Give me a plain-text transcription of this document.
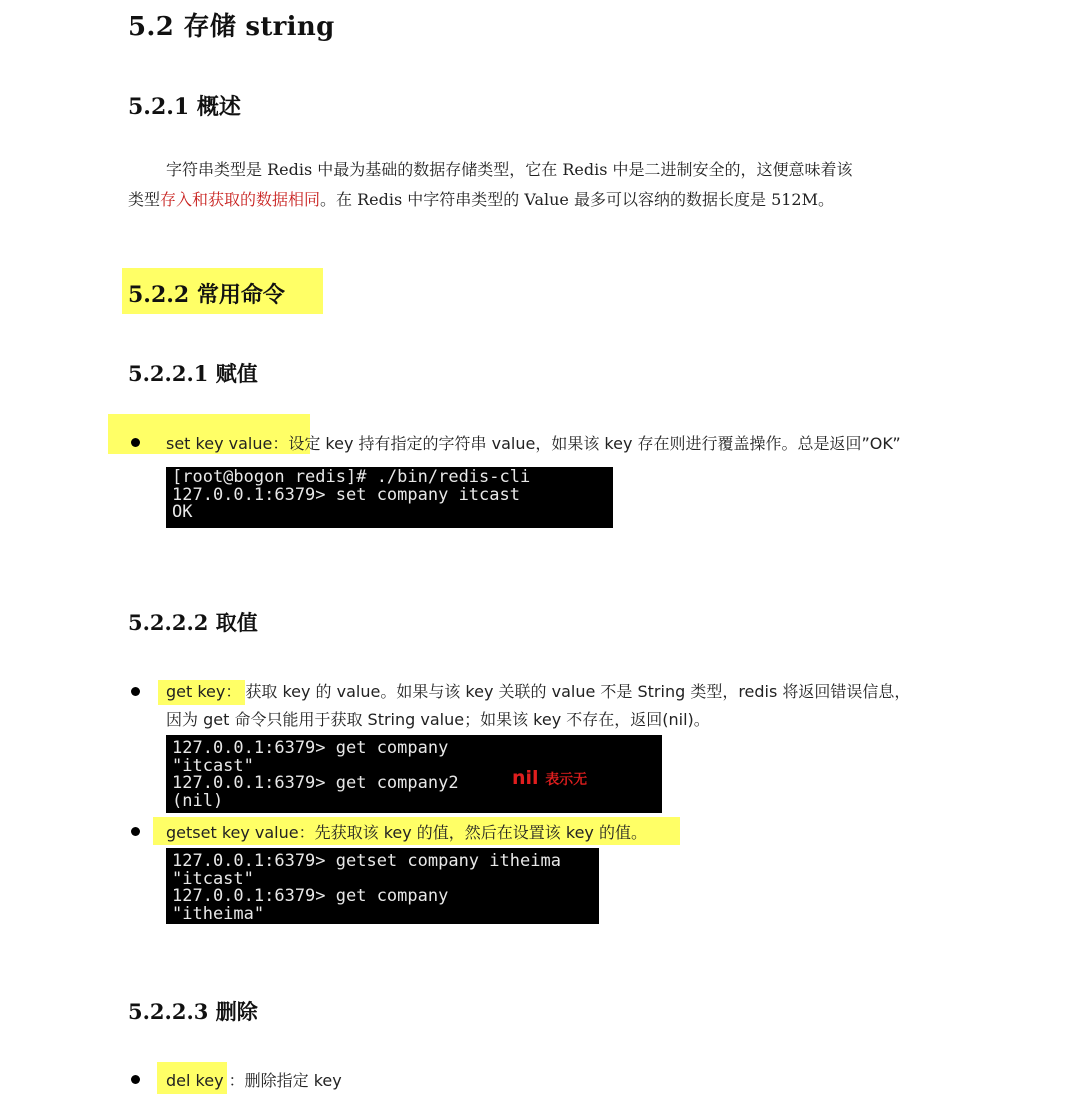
5.2 存储 string
5.2.1 概述
字符串类型是 Redis 中最为基础的数据存储类型，它在 Redis 中是二进制安全的，这便意味着该
类型存入和获取的数据相同。在 Redis 中字符串类型的 Value 最多可以容纳的数据长度是 512M。
5.2.2 常用命令
5.2.2.1 赋值
set key value：设定 key 持有指定的字符串 value，如果该 key 存在则进行覆盖操作。总是返回”OK”
[root@bogon redis]# ./bin/redis-cli
127.0.0.1:6379> set company itcast
OK
5.2.2.2 取值
get key： 获取 key 的 value。如果与该 key 关联的 value 不是 String 类型，redis 将返回错误信息，
因为 get 命令只能用于获取 String value；如果该 key 不存在，返回(nil)。
127.0.0.1:6379> get company
"itcast"
127.0.0.1:6379> get company2
(nil)
nil 表示无
getset key value：先获取该 key 的值，然后在设置该 key 的值。
127.0.0.1:6379> getset company itheima
"itcast"
127.0.0.1:6379> get company
"itheima"
5.2.2.3 删除
del key ：删除指定 key
